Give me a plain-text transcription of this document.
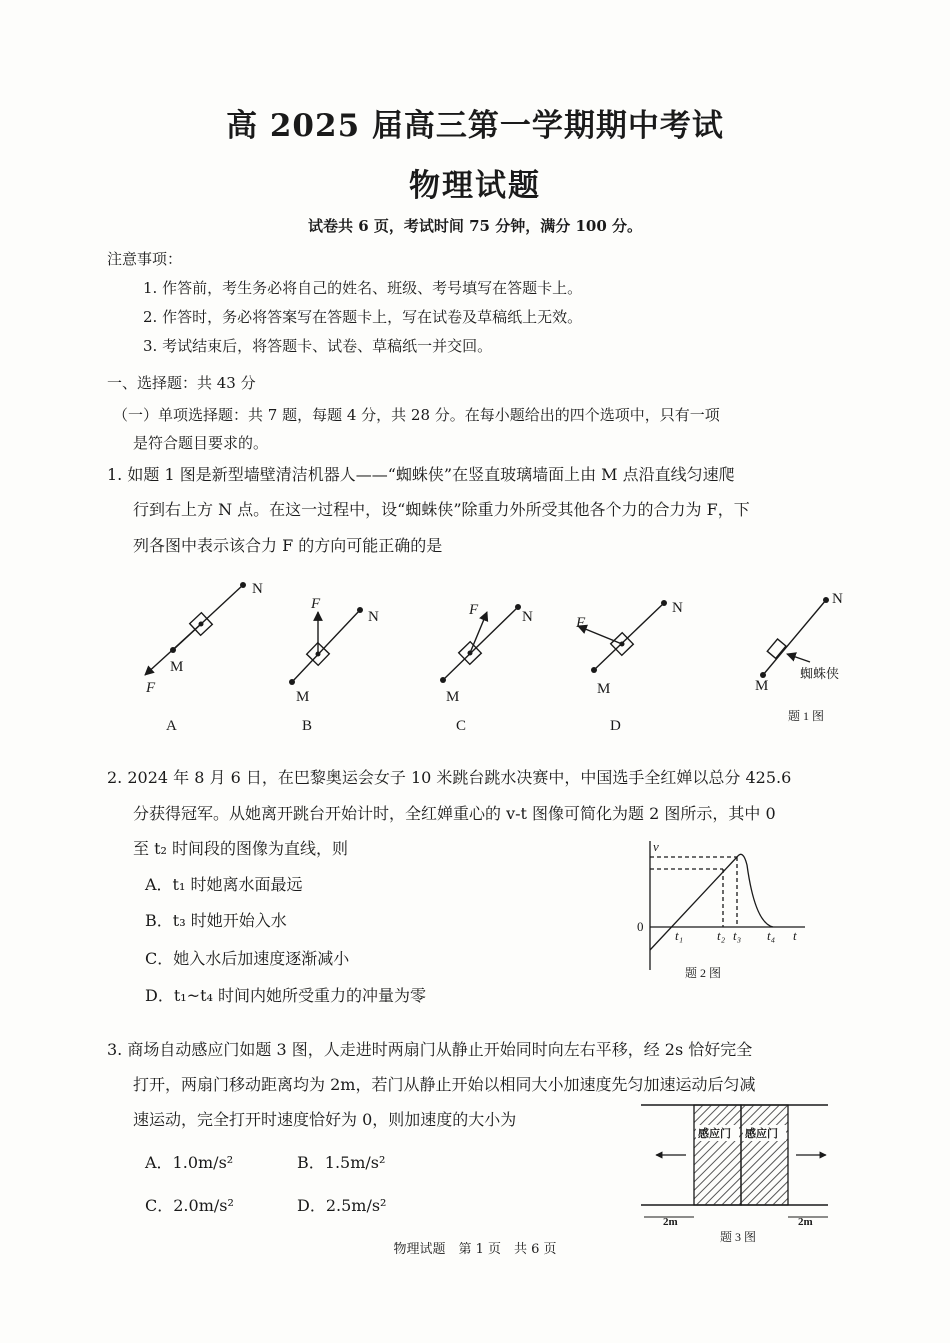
高 2025 届高三第一学期期中考试
物理试题
试卷共 6 页，考试时间 75 分钟，满分 100 分。
注意事项：
1. 作答前，考生务必将自己的姓名、班级、考号填写在答题卡上。
2. 作答时，务必将答案写在答题卡上，写在试卷及草稿纸上无效。
3. 考试结束后，将答题卡、试卷、草稿纸一并交回。
一、选择题：共 43 分
（一）单项选择题：共 7 题，每题 4 分，共 28 分。在每小题给出的四个选项中，只有一项
是符合题目要求的。
1. 如题 1 图是新型墙壁清洁机器人——“蜘蛛侠”在竖直玻璃墙面上由 M 点沿直线匀速爬
行到右上方 N 点。在这一过程中，设“蜘蛛侠”除重力外所受其他各个力的合力为 F，下
列各图中表示该合力 F 的方向可能正确的是
N
M
F
A
N
M
F
B
N
M
F
C
N
M
F
D
N
M
蜘蛛侠
题 1 图
2. 2024 年 8 月 6 日，在巴黎奥运会女子 10 米跳台跳水决赛中，中国选手全红婵以总分 425.6
分获得冠军。从她离开跳台开始计时，全红婵重心的 v-t 图像可简化为题 2 图所示，其中 0
至 t₂ 时间段的图像为直线，则
A．t₁ 时她离水面最远
B．t₃ 时她开始入水
C．她入水后加速度逐渐减小
D．t₁~t₄ 时间内她所受重力的冲量为零
v
0
t₁	t₂ t₃ t₄ t
题 2 图
3. 商场自动感应门如题 3 图，人走进时两扇门从静止开始同时向左右平移，经 2s 恰好完全
打开，两扇门移动距离均为 2m，若门从静止开始以相同大小加速度先匀加速运动后匀减
速运动，完全打开时速度恰好为 0，则加速度的大小为
A．1.0m/s²	B．1.5m/s²
C．2.0m/s²	D．2.5m/s²
感应门 感应门
2m	2m
题 3 图
物理试题　第 1 页　共 6 页
